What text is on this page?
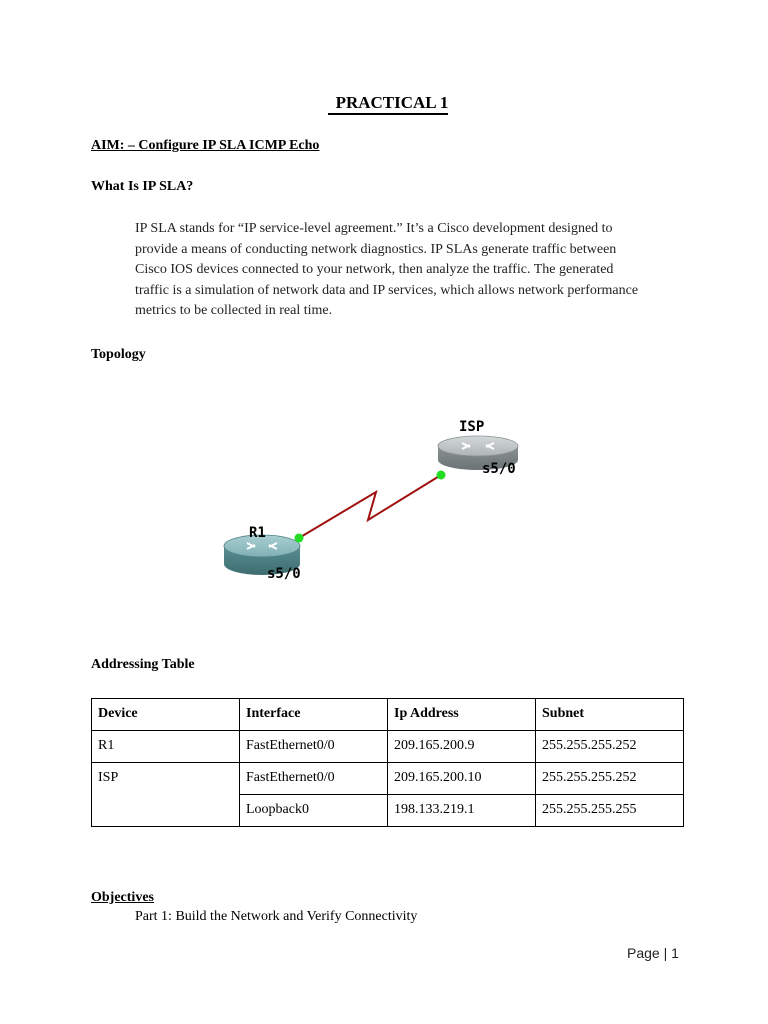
PRACTICAL 1
AIM: – Configure IP SLA ICMP Echo
What Is IP SLA?
IP SLA stands for “IP service-level agreement.” It’s a Cisco development designed to
provide a means of conducting network diagnostics. IP SLAs generate traffic between
Cisco IOS devices connected to your network, then analyze the traffic. The generated
traffic is a simulation of network data and IP services, which allows network performance
metrics to be collected in real time.
Topology
ISP
s5/0
R1
s5/0
Addressing Table
Device	Interface	Ip Address	Subnet
R1	FastEthernet0/0	209.165.200.9	255.255.255.252
ISP	FastEthernet0/0	209.165.200.10	255.255.255.252
	Loopback0	198.133.219.1	255.255.255.255
Objectives
Part 1: Build the Network and Verify Connectivity
Page | 1
